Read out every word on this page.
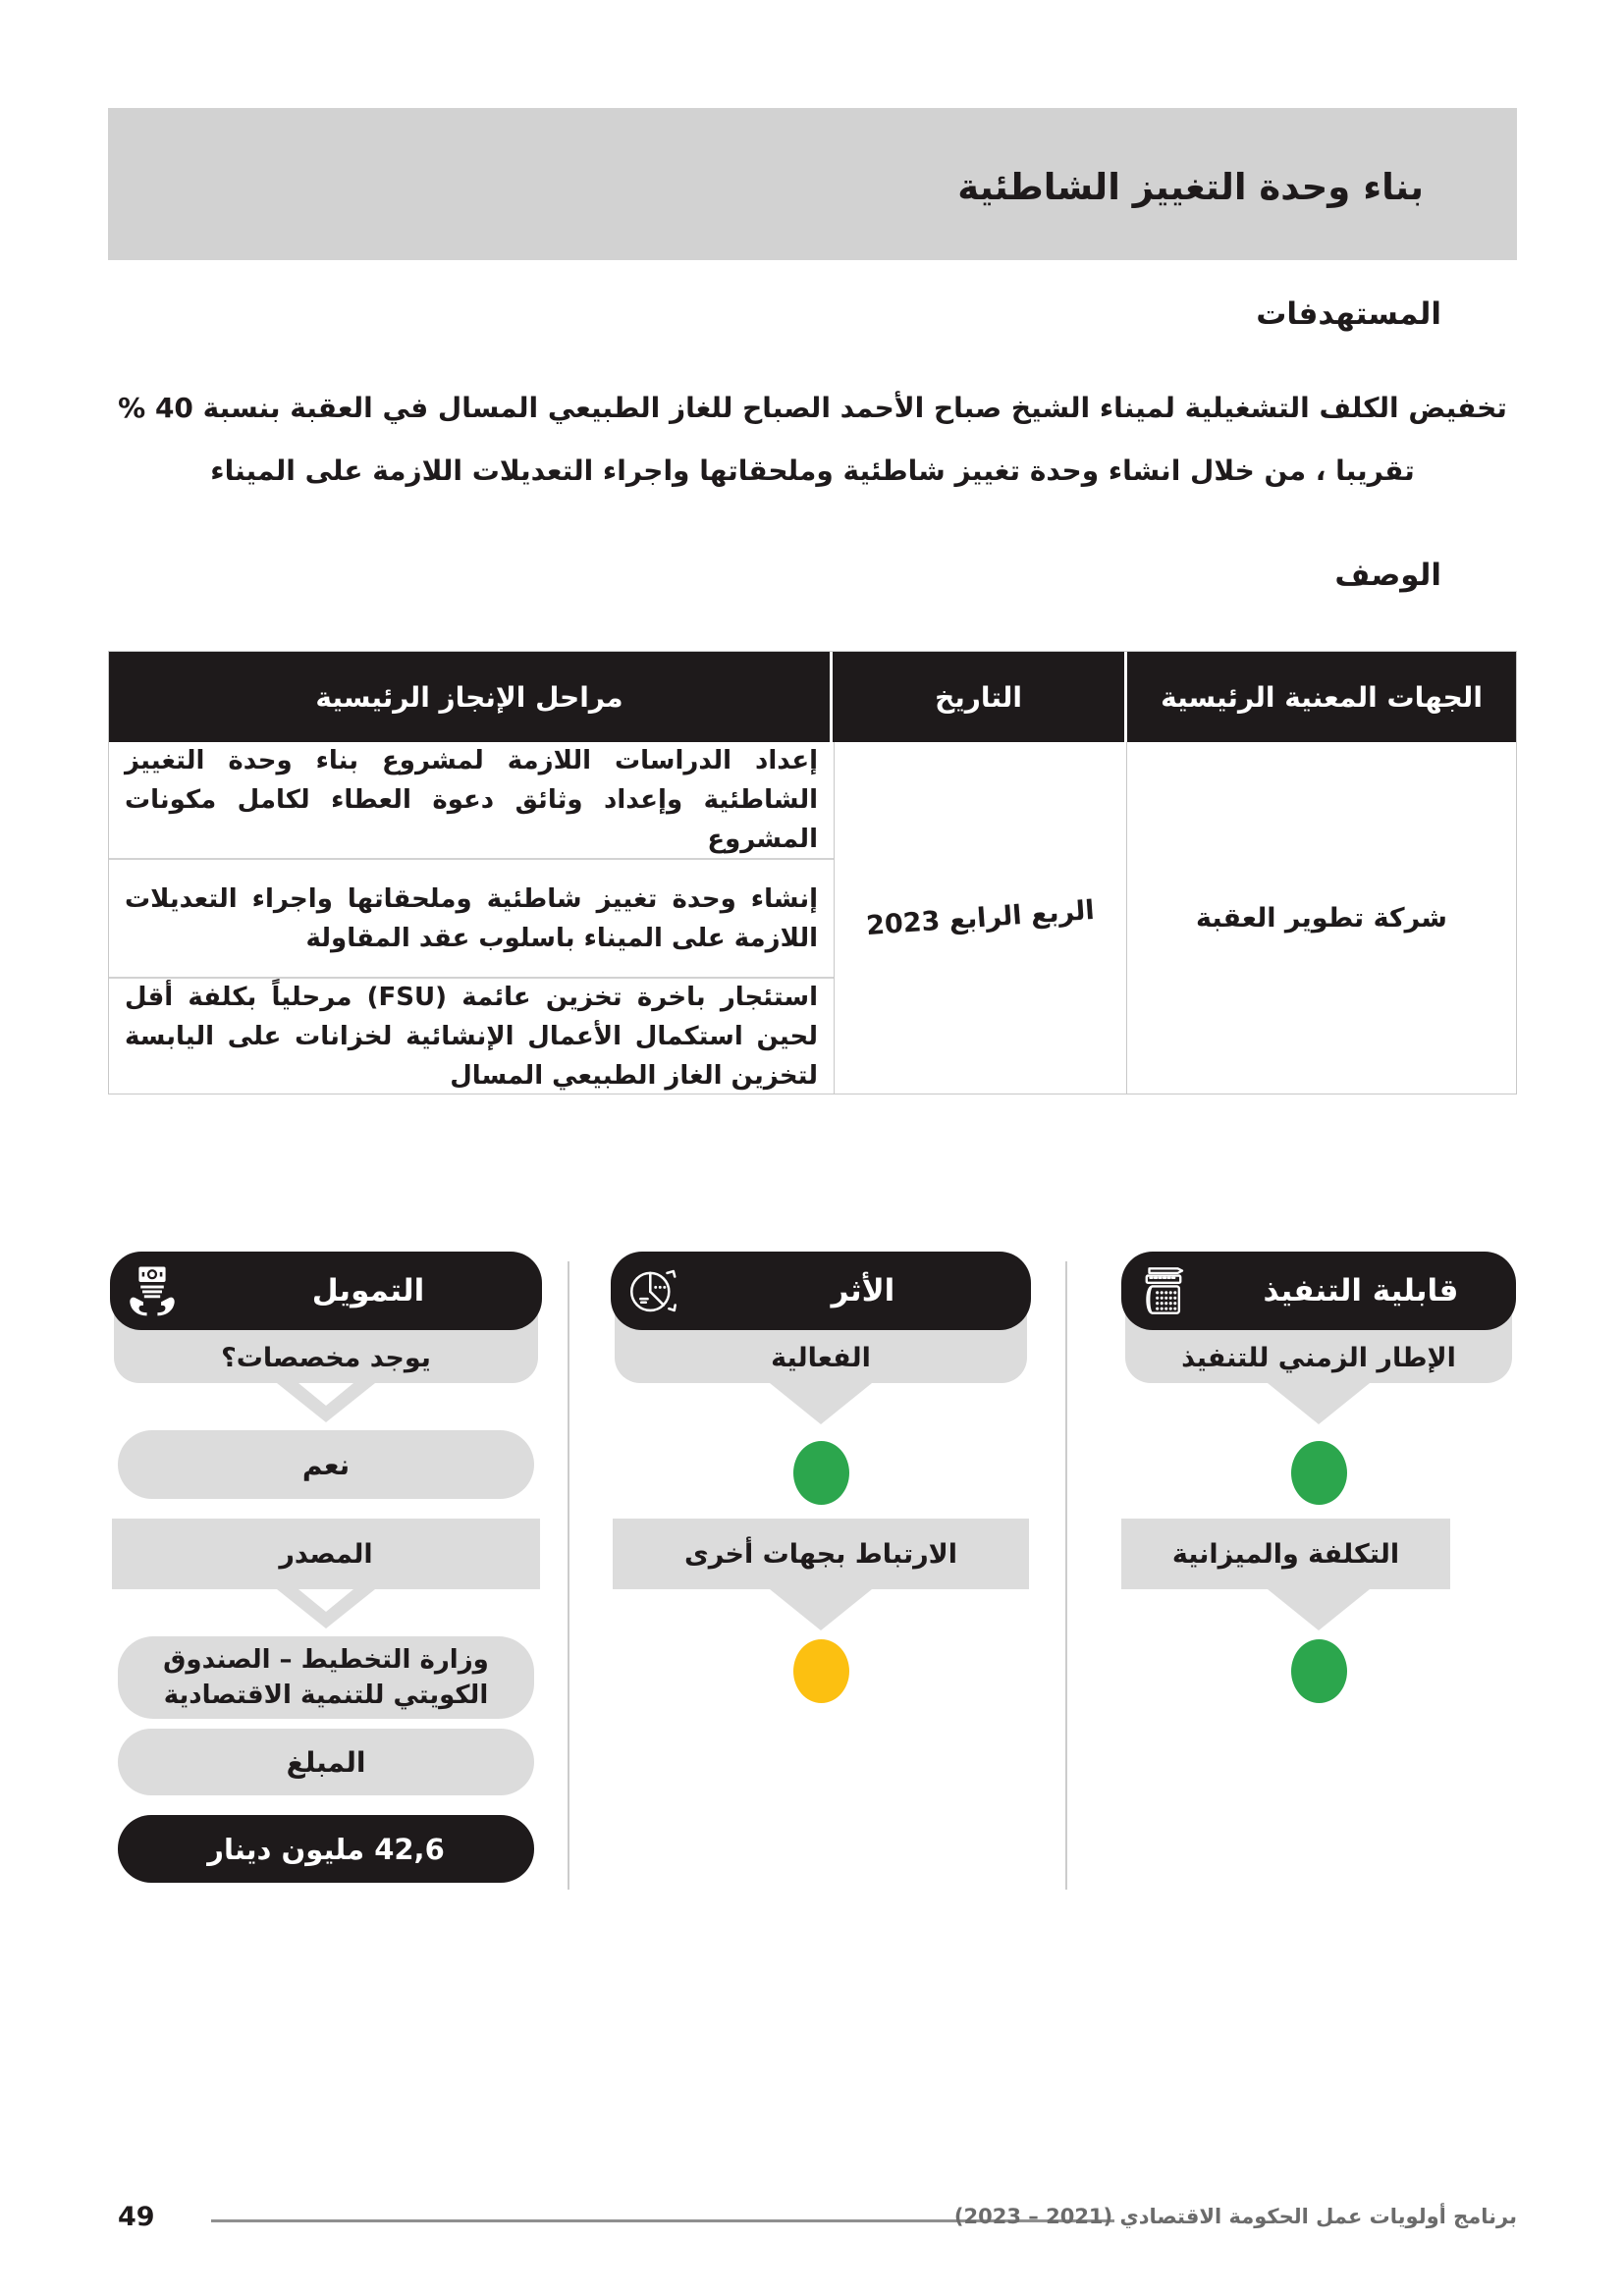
بناء وحدة التغييز الشاطئية
المستهدفات
تخفيض الكلف التشغيلية لميناء الشيخ صباح الأحمد الصباح للغاز الطبيعي المسال في العقبة بنسبة 40 % تقريبا ، من خلال انشاء وحدة تغييز شاطئية وملحقاتها واجراء التعديلات اللازمة على الميناء
الوصف
الجهات المعنية الرئيسية
التاريخ
مراحل الإنجاز الرئيسية
شركة تطوير العقبة
الربع الرابع 2023
إعداد الدراسات اللازمة لمشروع بناء وحدة التغييز الشاطئية وإعداد وثائق دعوة العطاء لكامل مكونات المشروع
إنشاء وحدة تغييز شاطئية وملحقاتها واجراء التعديلات اللازمة على الميناء باسلوب عقد المقاولة
استئجار باخرة تخزين عائمة (FSU) مرحلياً بكلفة أقل لحين استكمال الأعمال الإنشائية لخزانات على اليابسة لتخزين الغاز الطبيعي المسال
الإطار الزمني للتنفيذ
قابلية التنفيذ
التكلفة والميزانية
الفعالية
الأثر
الارتباط بجهات أخرى
يوجد مخصصات؟
التمويل
نعم
المصدر
وزارة التخطيط – الصندوق الكويتي للتنمية الاقتصادية
المبلغ
42,6 مليون دينار
49	برنامج أولويات عمل الحكومة الاقتصادي (2021 – 2023)
